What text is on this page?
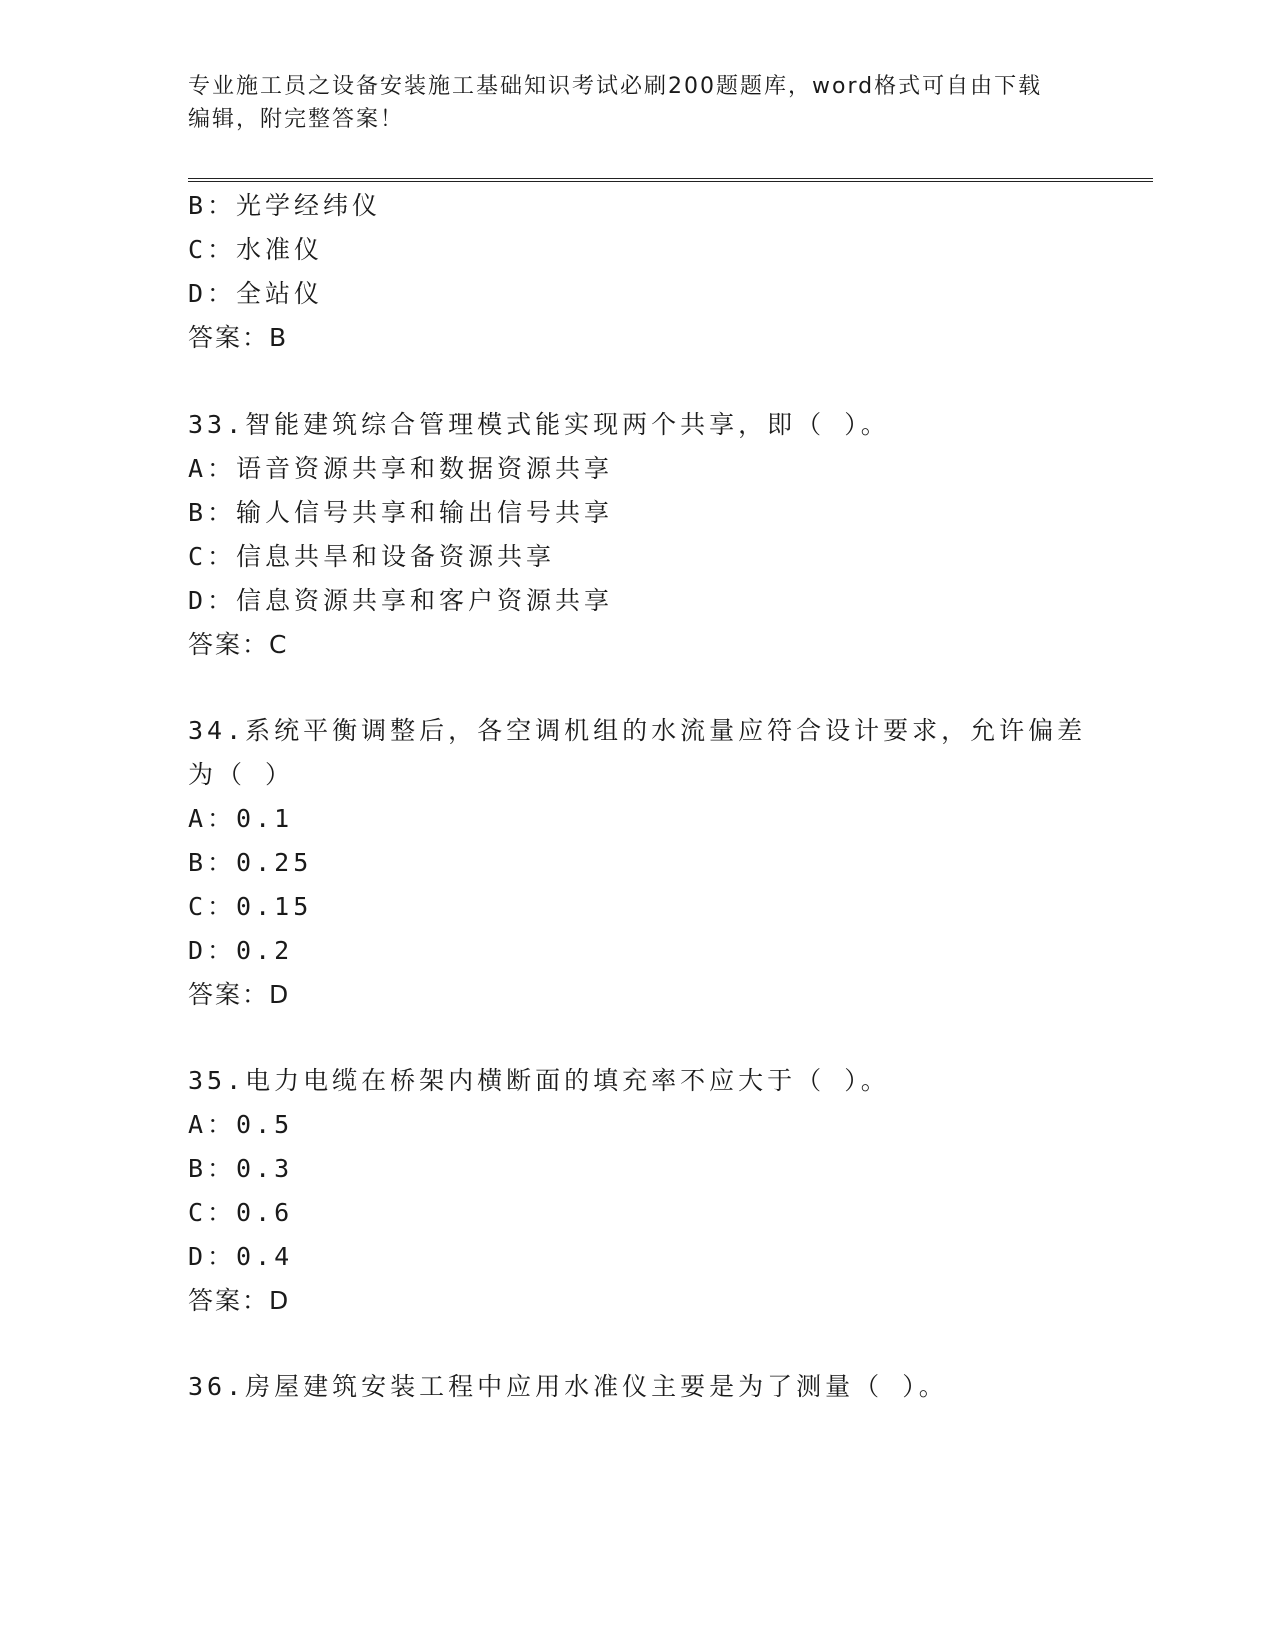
专业施工员之设备安装施工基础知识考试必刷200题题库，word格式可自由下载
编辑，附完整答案！
B：光学经纬仪
C：水准仪
D：全站仪
答案：B
33.智能建筑综合管理模式能实现两个共享，即（ ）。
A：语音资源共享和数据资源共享
B：输人信号共享和输出信号共享
C：信息共旱和设备资源共享
D：信息资源共享和客户资源共享
答案：C
34.系统平衡调整后，各空调机组的水流量应符合设计要求，允许偏差
为（ ）
A：0.1
B：0.25
C：0.15
D：0.2
答案：D
35.电力电缆在桥架内横断面的填充率不应大于（ ）。
A：0.5
B：0.3
C：0.6
D：0.4
答案：D
36.房屋建筑安装工程中应用水准仪主要是为了测量（ ）。
